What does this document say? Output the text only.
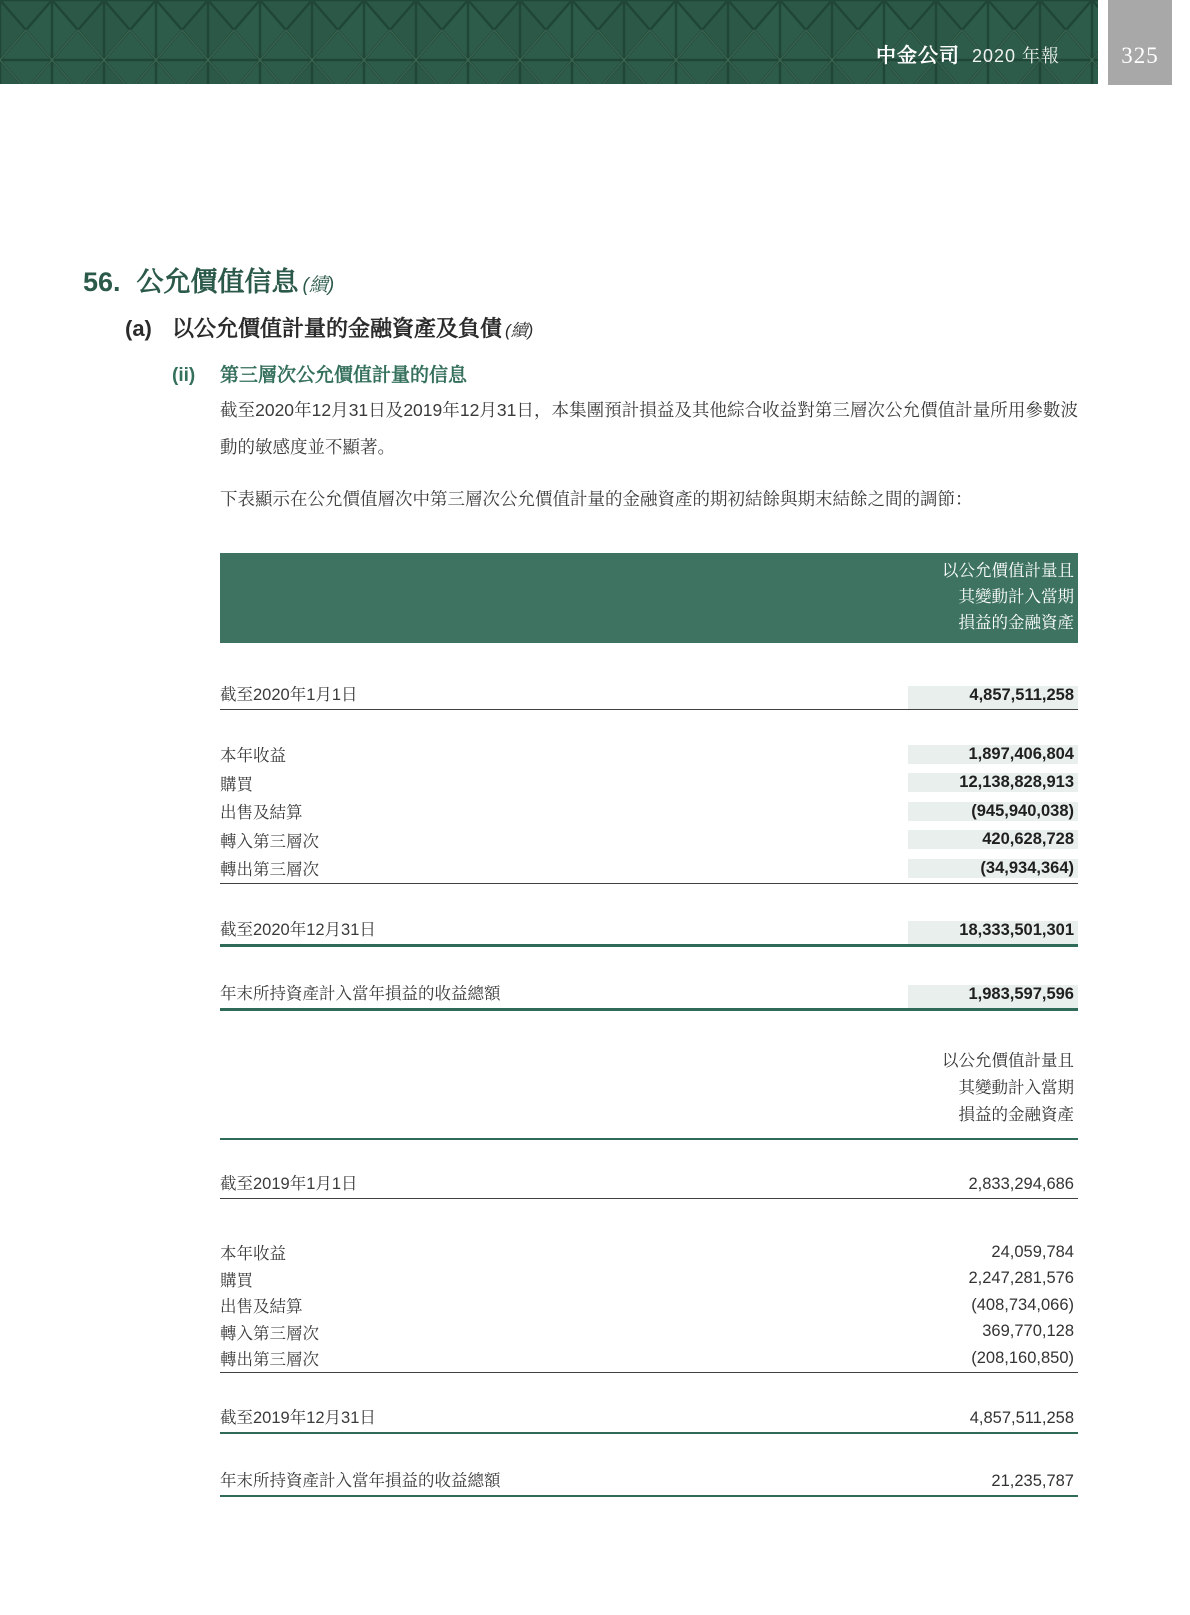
中金公司 2020 年報	325
56. 公允價值信息 (續)
(a) 以公允價值計量的金融資產及負債 (續)
(ii)	第三層次公允價值計量的信息
截至2020年12月31日及2019年12月31日，本集團預計損益及其他綜合收益對第三層次公允價值計量所用參數波動的敏感度並不顯著。
下表顯示在公允價值層次中第三層次公允價值計量的金融資產的期初結餘與期末結餘之間的調節：
以公允價值計量且
其變動計入當期
損益的金融資產
截至2020年1月1日	4,857,511,258
本年收益	1,897,406,804
購買	12,138,828,913
出售及結算	(945,940,038)
轉入第三層次	420,628,728
轉出第三層次	(34,934,364)
截至2020年12月31日	18,333,501,301
年末所持資產計入當年損益的收益總額	1,983,597,596
以公允價值計量且
其變動計入當期
損益的金融資產
截至2019年1月1日	2,833,294,686
本年收益	24,059,784
購買	2,247,281,576
出售及結算	(408,734,066)
轉入第三層次	369,770,128
轉出第三層次	(208,160,850)
截至2019年12月31日	4,857,511,258
年末所持資產計入當年損益的收益總額	21,235,787
